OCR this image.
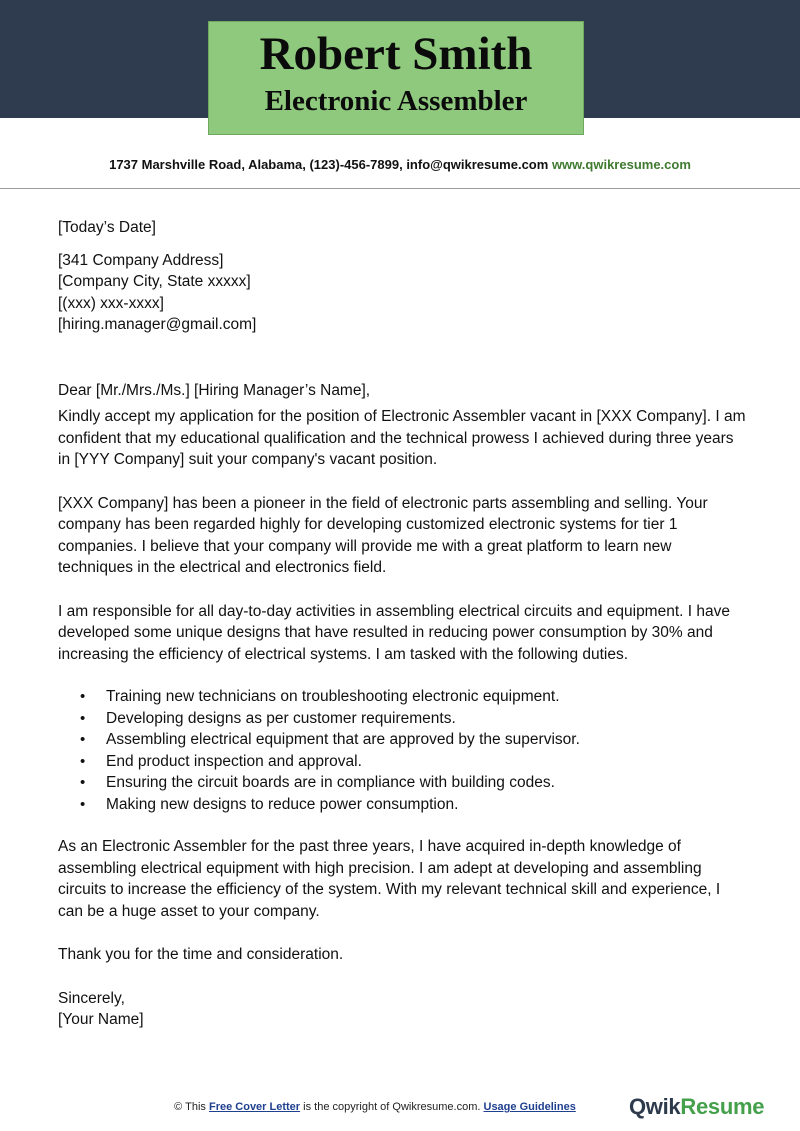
Robert Smith
Electronic Assembler
1737 Marshville Road, Alabama, (123)-456-7899, info@qwikresume.com www.qwikresume.com

[Today’s Date]

[341 Company Address]

[Company City, State xxxxx]

[(xxx) xxx-xxxx]

[hiring.manager@gmail.com]

Dear [Mr./Mrs./Ms.] [Hiring Manager’s Name],

Kindly accept my application for the position of Electronic Assembler vacant in [XXX Company]. I am confident that my educational qualification and the technical prowess I achieved during three years in [YYY Company] suit your company's vacant position.

[XXX Company] has been a pioneer in the field of electronic parts assembling and selling. Your company has been regarded highly for developing customized electronic systems for tier 1 companies. I believe that your company will provide me with a great platform to learn new techniques in the electrical and electronics field.

I am responsible for all day-to-day activities in assembling electrical circuits and equipment. I have developed some unique designs that have resulted in reducing power consumption by 30% and increasing the efficiency of electrical systems. I am tasked with the following duties.

• Training new technicians on troubleshooting electronic equipment.
• Developing designs as per customer requirements.
• Assembling electrical equipment that are approved by the supervisor.
• End product inspection and approval.
• Ensuring the circuit boards are in compliance with building codes.
• Making new designs to reduce power consumption.

As an Electronic Assembler for the past three years, I have acquired in-depth knowledge of assembling electrical equipment with high precision. I am adept at developing and assembling circuits to increase the efficiency of the system. With my relevant technical skill and experience, I can be a huge asset to your company.

Thank you for the time and consideration.

Sincerely,

[Your Name]

© This Free Cover Letter is the copyright of Qwikresume.com. Usage Guidelines	QwikResume
